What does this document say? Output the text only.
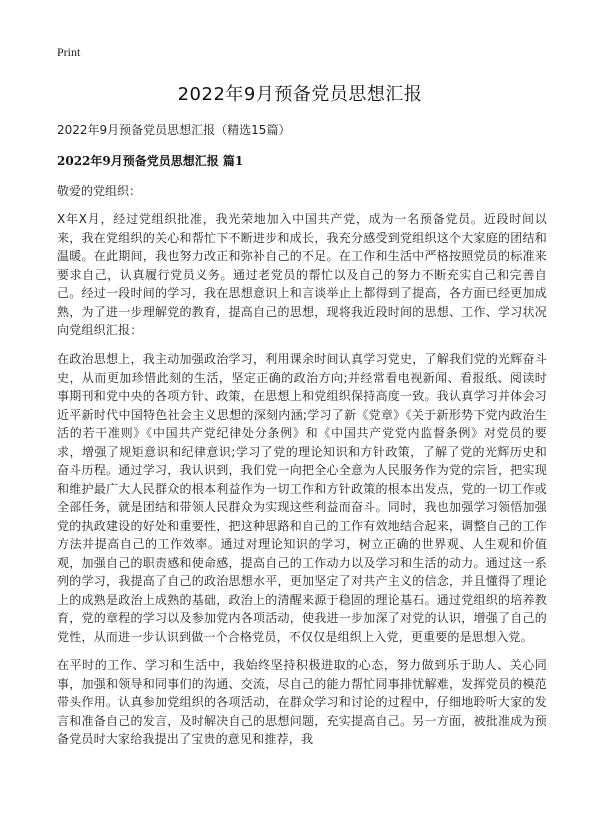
Print
2022年9月预备党员思想汇报
2022年9月预备党员思想汇报（精选15篇）
2022年9月预备党员思想汇报 篇1
敬爱的党组织：

X年X月，经过党组织批准，我光荣地加入中国共产党，成为一名预备党员。近段时间以来，我在党组织的关心和帮忙下不断进步和成长，我充分感受到党组织这个大家庭的团结和温暖。在此期间，我也努力改正和弥补自己的不足。在工作和生活中严格按照党员的标准来要求自己，认真履行党员义务。通过老党员的帮忙以及自己的努力不断充实自己和完善自己。经过一段时间的学习，我在思想意识上和言谈举止上都得到了提高，各方面已经更加成熟，为了进一步理解党的教育，提高自己的思想，现将我近段时间的思想、工作、学习状况向党组织汇报：

在政治思想上，我主动加强政治学习，利用课余时间认真学习党史，了解我们党的光辉奋斗史，从而更加珍惜此刻的生活，坚定正确的政治方向;并经常看电视新闻、看报纸、阅读时事期刊和党中央的各项方针、政策，在思想上和党组织保持高度一致。我认真学习并体会习近平新时代中国特色社会主义思想的深刻内涵;学习了新《党章》《关于新形势下党内政治生活的若干准则》《中国共产党纪律处分条例》和《中国共产党党内监督条例》对党员的要求，增强了规矩意识和纪律意识;学习了党的理论知识和方针政策，了解了党的光辉历史和奋斗历程。通过学习，我认识到，我们党一向把全心全意为人民服务作为党的宗旨，把实现和维护最广大人民群众的根本利益作为一切工作和方针政策的根本出发点，党的一切工作或全部任务，就是团结和带领人民群众为实现这些利益而奋斗。同时，我也加强学习领悟加强党的执政建设的好处和重要性，把这种思路和自己的工作有效地结合起来，调整自己的工作方法并提高自己的工作效率。通过对理论知识的学习，树立正确的世界观、人生观和价值观，加强自己的职责感和使命感，提高自己的工作动力以及学习和生活的动力。通过这一系列的学习，我提高了自己的政治思想水平，更加坚定了对共产主义的信念，并且懂得了理论上的成熟是政治上成熟的基础，政治上的清醒来源于稳固的理论基石。通过党组织的培养教育，党的章程的学习以及参加党内各项活动，使我进一步加深了对党的认识，增强了自己的党性，从而进一步认识到做一个合格党员，不仅仅是组织上入党，更重要的是思想入党。

在平时的工作、学习和生活中，我始终坚持积极进取的心态，努力做到乐于助人、关心同事，加强和领导和同事们的沟通、交流，尽自己的能力帮忙同事排忧解难，发挥党员的模范带头作用。认真参加党组织的各项活动，在群众学习和讨论的过程中，仔细地聆听大家的发言和准备自己的发言，及时解决自己的思想问题，充实提高自己。另一方面，被批准成为预备党员时大家给我提出了宝贵的意见和推荐，我
